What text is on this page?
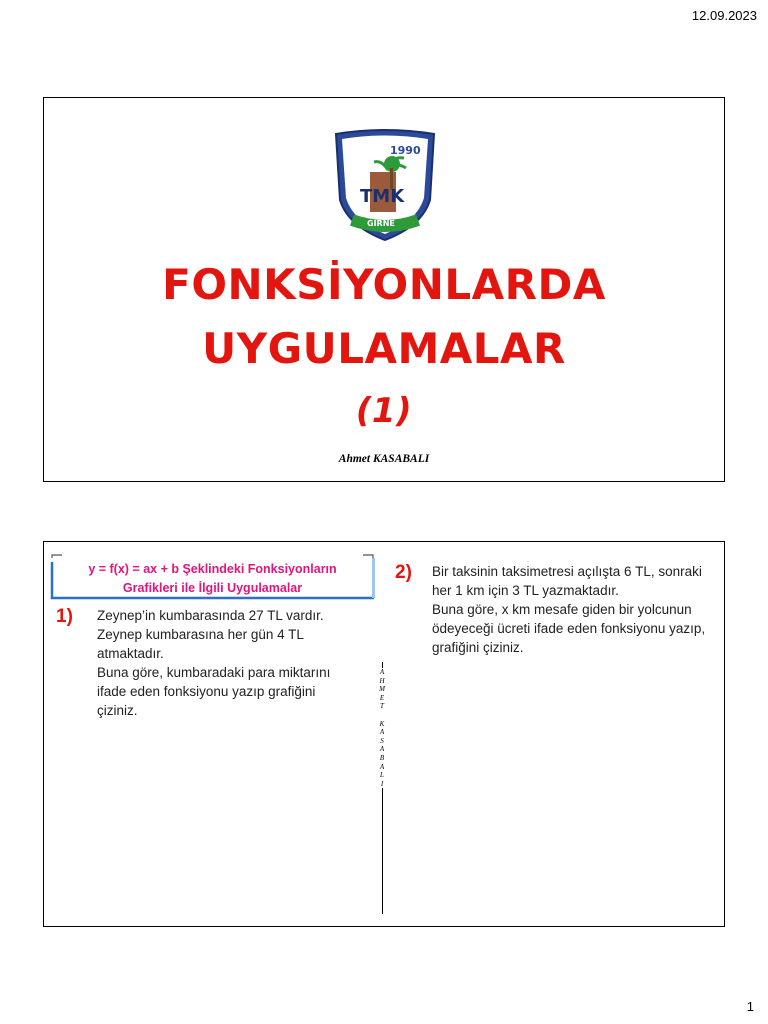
12.09.2023
1990
TMK
GİRNE
FONKSİYONLARDA
UYGULAMALAR
(1)
Ahmet KASABALI
y = f(x) = ax + b Şeklindeki Fonksiyonların
Grafikleri ile İlgili Uygulamalar
1) Zeynep’in kumbarasında 27 TL vardır.
Zeynep kumbarasına her gün 4 TL
atmaktadır.
Buna göre, kumbaradaki para miktarını
ifade eden fonksiyonu yazıp grafiğini
çiziniz.
A
H
M
E
T

K
A
S
A
B
A
L
I
2) Bir taksinin taksimetresi açılışta 6 TL, sonraki
her 1 km için 3 TL yazmaktadır.
Buna göre, x km mesafe giden bir yolcunun
ödeyeceği ücreti ifade eden fonksiyonu yazıp,
grafiğini çiziniz.
1
